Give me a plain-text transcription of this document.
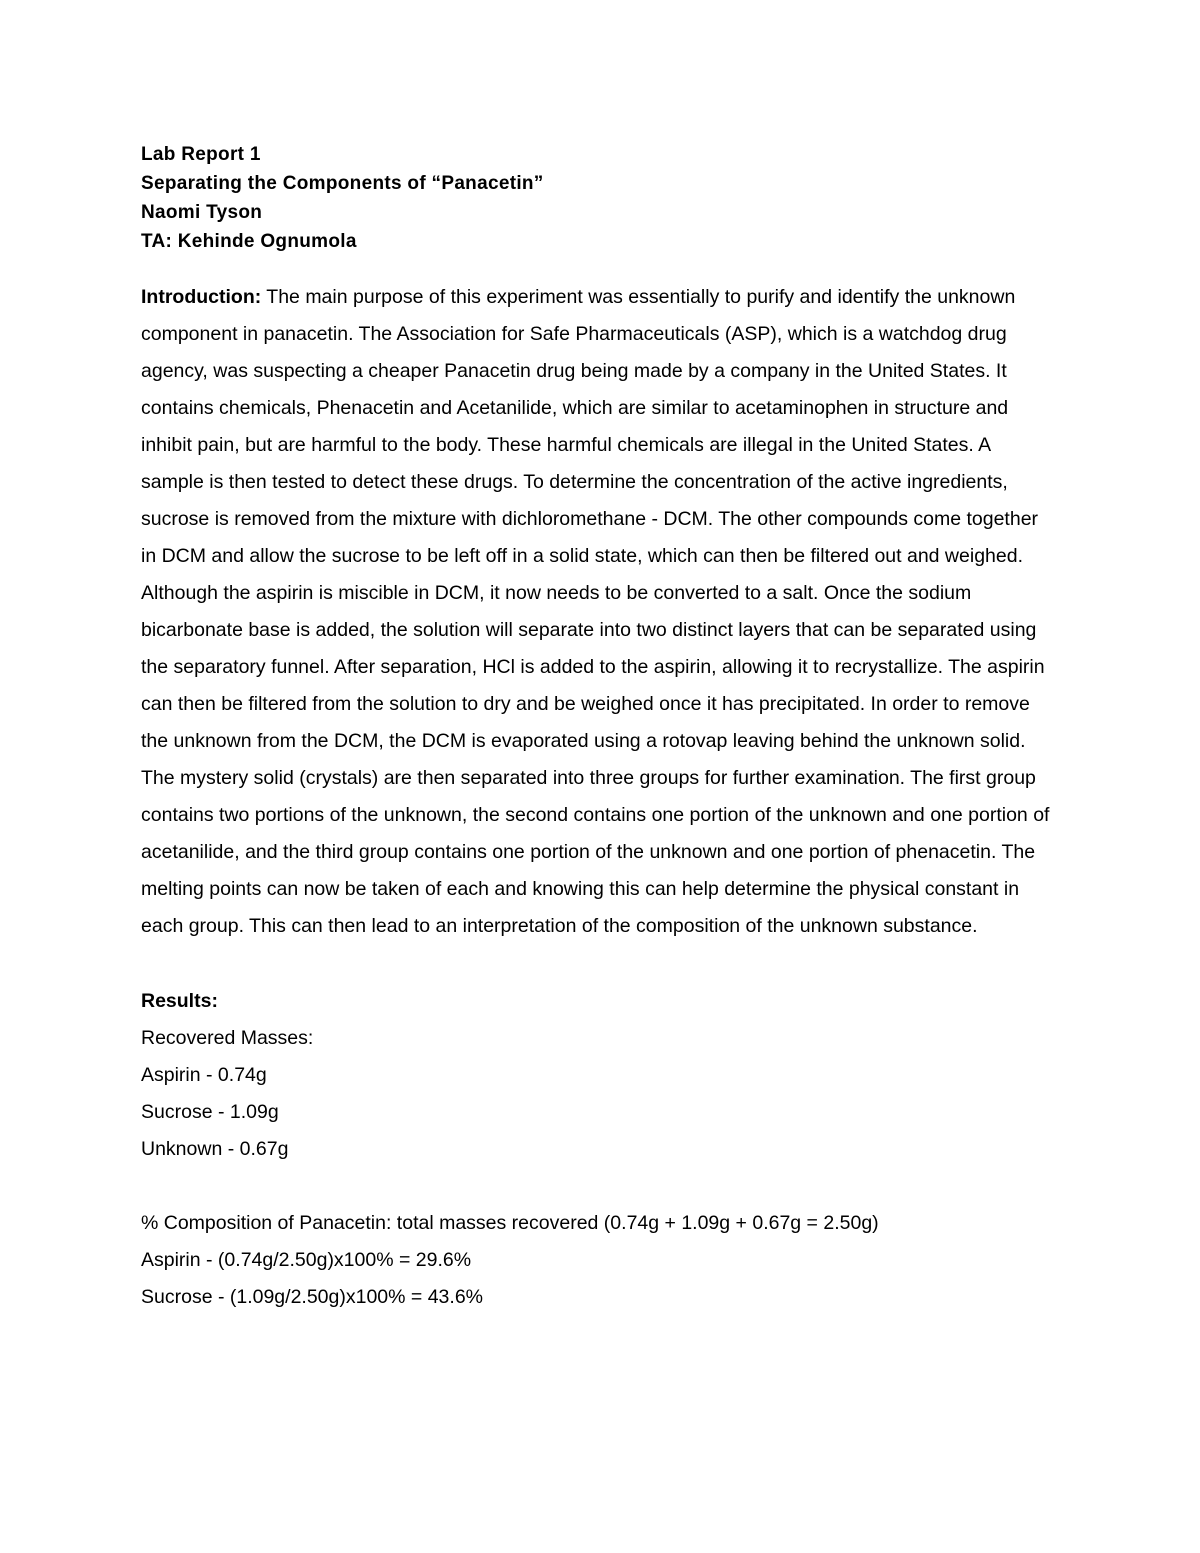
Lab Report 1
Separating the Components of “Panacetin”
Naomi Tyson
TA: Kehinde Ognumola
Introduction: The main purpose of this experiment was essentially to purify and identify the unknown component in panacetin. The Association for Safe Pharmaceuticals (ASP), which is a watchdog drug agency, was suspecting a cheaper Panacetin drug being made by a company in the United States. It contains chemicals, Phenacetin and Acetanilide, which are similar to acetaminophen in structure and inhibit pain, but are harmful to the body. These harmful chemicals are illegal in the United States. A sample is then tested to detect these drugs. To determine the concentration of the active ingredients, sucrose is removed from the mixture with dichloromethane - DCM. The other compounds come together in DCM and allow the sucrose to be left off in a solid state, which can then be filtered out and weighed. Although the aspirin is miscible in DCM, it now needs to be converted to a salt. Once the sodium bicarbonate base is added, the solution will separate into two distinct layers that can be separated using the separatory funnel. After separation, HCl is added to the aspirin, allowing it to recrystallize. The aspirin can then be filtered from the solution to dry and be weighed once it has precipitated. In order to remove the unknown from the DCM, the DCM is evaporated using a rotovap leaving behind the unknown solid. The mystery solid (crystals) are then separated into three groups for further examination. The first group contains two portions of the unknown, the second contains one portion of the unknown and one portion of acetanilide, and the third group contains one portion of the unknown and one portion of phenacetin. The melting points can now be taken of each and knowing this can help determine the physical constant in each group. This can then lead to an interpretation of the composition of the unknown substance.
Results:
Recovered Masses:
Aspirin - 0.74g
Sucrose - 1.09g
Unknown - 0.67g
% Composition of Panacetin: total masses recovered (0.74g + 1.09g + 0.67g = 2.50g)
Aspirin - (0.74g/2.50g)x100% = 29.6%
Sucrose - (1.09g/2.50g)x100% = 43.6%
